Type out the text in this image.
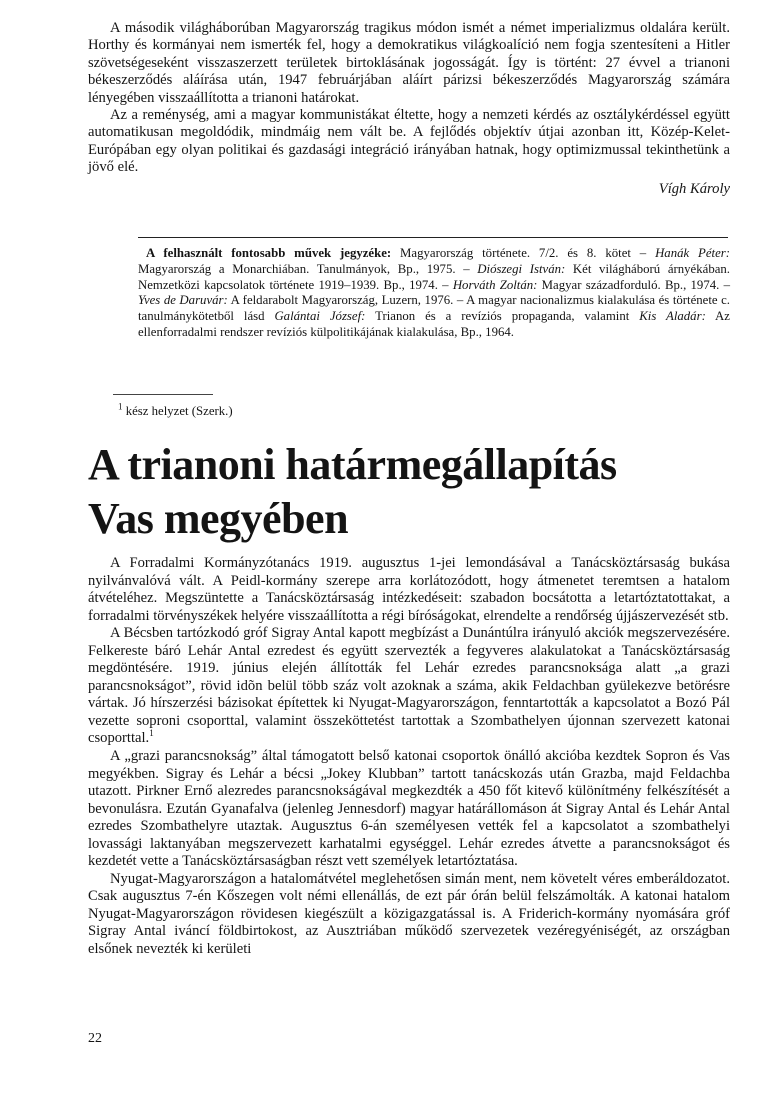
A második világháborúban Magyarország tragikus módon ismét a német imperializmus oldalára került. Horthy és kormányai nem ismerték fel, hogy a demokratikus világkoalíció nem fogja szentesíteni a Hitler szövetségeseként visszaszerzett területek birtoklásának jogosságát. Így is történt: 27 évvel a trianoni békeszerződés aláírása után, 1947 februárjában aláírt párizsi békeszerződés Magyarország számára lényegében visszaállította a trianoni határokat.

Az a reménység, ami a magyar kommunistákat éltette, hogy a nemzeti kérdés az osztálykérdéssel együtt automatikusan megoldódik, mindmáig nem vált be. A fejlődés objektív útjai azonban itt, Közép-Kelet-Európában egy olyan politikai és gazdasági integráció irányában hatnak, hogy optimizmussal tekinthetünk a jövő elé.

Vígh Károly

A felhasznált fontosabb művek jegyzéke: Magyarország története. 7/2. és 8. kötet – Hanák Péter: Magyarország a Monarchiában. Tanulmányok, Bp., 1975. – Diószegi István: Két világháború árnyékában. Nemzetközi kapcsolatok története 1919–1939. Bp., 1974. – Horváth Zoltán: Magyar századforduló. Bp., 1974. – Yves de Daruvár: A feldarabolt Magyarország, Luzern, 1976. – A magyar nacionalizmus kialakulása és története c. tanulmánykötetből lásd Galántai József: Trianon és a revíziós propaganda, valamint Kis Aladár: Az ellenforradalmi rendszer revíziós külpolitikájának kialakulása, Bp., 1964.

$^1$ kész helyzet (Szerk.)
A trianoni határmegállapítás
Vas megyében

A Forradalmi Kormányzótanács 1919. augusztus 1-jei lemondásával a Tanácsköztársaság bukása nyilvánvalóvá vált. A Peidl-kormány szerepe arra korlátozódott, hogy átmenetet teremtsen a hatalom átvételéhez. Megszüntette a Tanácsköztársaság intézkedéseit: szabadon bocsátotta a letartóztatottakat, a forradalmi törvényszékek helyére visszaállította a régi bíróságokat, elrendelte a rendőrség újjászervezését stb.

A Bécsben tartózkodó gróf Sigray Antal kapott megbízást a Dunántúlra irányuló akciók megszervezésére. Felkereste báró Lehár Antal ezredest és együtt szervezték a fegyveres alakulatokat a Tanácsköztársaság megdöntésére. 1919. június elején állították fel Lehár ezredes parancsnoksága alatt „a grazi parancsnokságot”, rövid idõn belül több száz volt azoknak a száma, akik Feldachban gyülekezve betörésre vártak. Jó hírszerzési bázisokat építettek ki Nyugat-Magyarországon, fenntartották a kapcsolatot a Bozó Pál vezette soproni csoporttal, valamint összeköttetést tartottak a Szombathelyen újonnan szervezett katonai csoporttal.$^1$

A „grazi parancsnokság” által támogatott belső katonai csoportok önálló akcióba kezdtek Sopron és Vas megyékben. Sigray és Lehár a bécsi „Jokey Klubban” tartott tanácskozás után Grazba, majd Feldachba utazott. Pirkner Ernő alezredes parancsnokságával megkezdték a 450 főt kitevő különítmény felkészítését a bevonulásra. Ezután Gyanafalva (jelenleg Jennesdorf) magyar határállomáson át Sigray Antal és Lehár Antal ezredes Szombathelyre utaztak. Augusztus 6-án személyesen vették fel a kapcsolatot a szombathelyi lovassági laktanyában megszervezett karhatalmi egységgel. Lehár ezredes átvette a parancsnokságot és kezdetét vette a Tanácsköztársaságban részt vett személyek letartóztatása.

Nyugat-Magyarországon a hatalomátvétel meglehetősen simán ment, nem követelt véres emberáldozatot. Csak augusztus 7-én Kőszegen volt némi ellenállás, de ezt pár órán belül felszámolták. A katonai hatalom Nyugat-Magyarországon rövidesen kiegészült a közigazgatással is. A Friderich-kormány nyomására gróf Sigray Antal iváncí földbirtokost, az Ausztriában működő szervezetek vezéregyéniségét, az országban elsőnek nevezték ki kerületi

22
